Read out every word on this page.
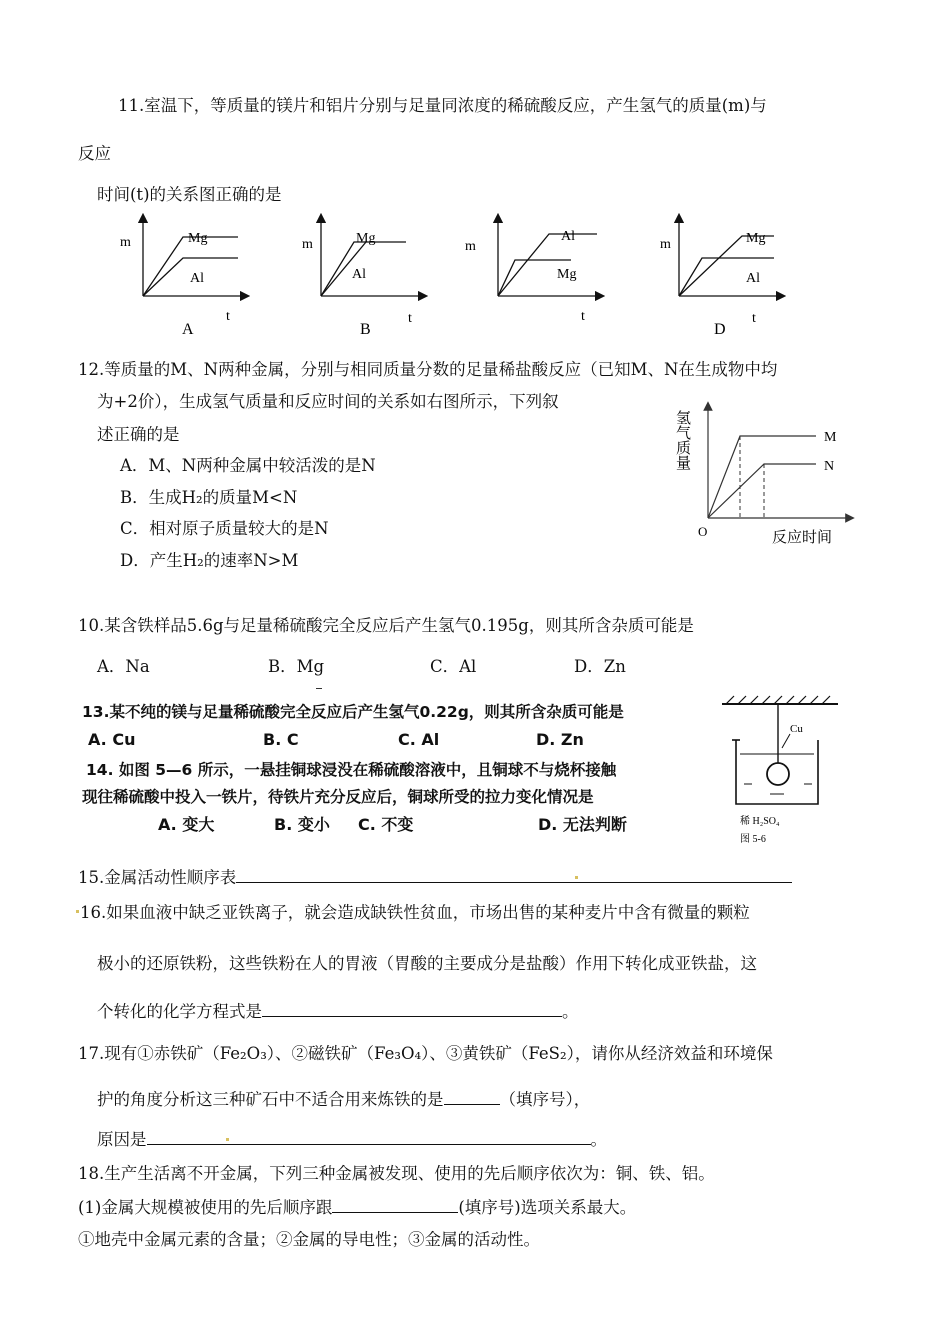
11.室温下，等质量的镁片和铝片分别与足量同浓度的稀硫酸反应，产生氢气的质量(m)与
反应
时间(t)的关系图正确的是
m	Mg
Al
t
A
m	Mg
Al
t
B
m
Al
Mg
t
m	Mg
Al
t
D
12.等质量的M、N两种金属，分别与相同质量分数的足量稀盐酸反应（已知M、N在生成物中均
为+2价），生成氢气质量和反应时间的关系如右图所示，下列叙
述正确的是
A．M、N两种金属中较活泼的是N
B．生成H₂的质量M<N
C．相对原子质量较大的是N
D．产生H₂的速率N>M
M
N
O	反应时间
氢气质量
10.某含铁样品5.6g与足量稀硫酸完全反应后产生氢气0.195g，则其所含杂质可能是
A．Na	B．Mg	C．Al	D．Zn
13.某不纯的镁与足量稀硫酸完全反应后产生氢气0.22g，则其所含杂质可能是
A. Cu	B. C	C. Al	D. Zn
14. 如图 5—6 所示，一悬挂铜球浸没在稀硫酸溶液中，且铜球不与烧杯接触
现往稀硫酸中投入一铁片，待铁片充分反应后，铜球所受的拉力变化情况是
A. 变大	B. 变小 C. 不变	D. 无法判断
Cu
稀 H₂SO₄
图 5-6
15.金属活动性顺序表
16.如果血液中缺乏亚铁离子，就会造成缺铁性贫血，市场出售的某种麦片中含有微量的颗粒
极小的还原铁粉，这些铁粉在人的胃液（胃酸的主要成分是盐酸）作用下转化成亚铁盐，这
个转化的化学方程式是	。
17.现有①赤铁矿（Fe₂O₃）、②磁铁矿（Fe₃O₄）、③黄铁矿（FeS₂），请你从经济效益和环境保
护的角度分析这三种矿石中不适合用来炼铁的是	（填序号），
原因是	。
18.生产生活离不开金属，下列三种金属被发现、使用的先后顺序依次为：铜、铁、铝。
(1)金属大规模被使用的先后顺序跟	(填序号)选项关系最大。
①地壳中金属元素的含量；②金属的导电性；③金属的活动性。
